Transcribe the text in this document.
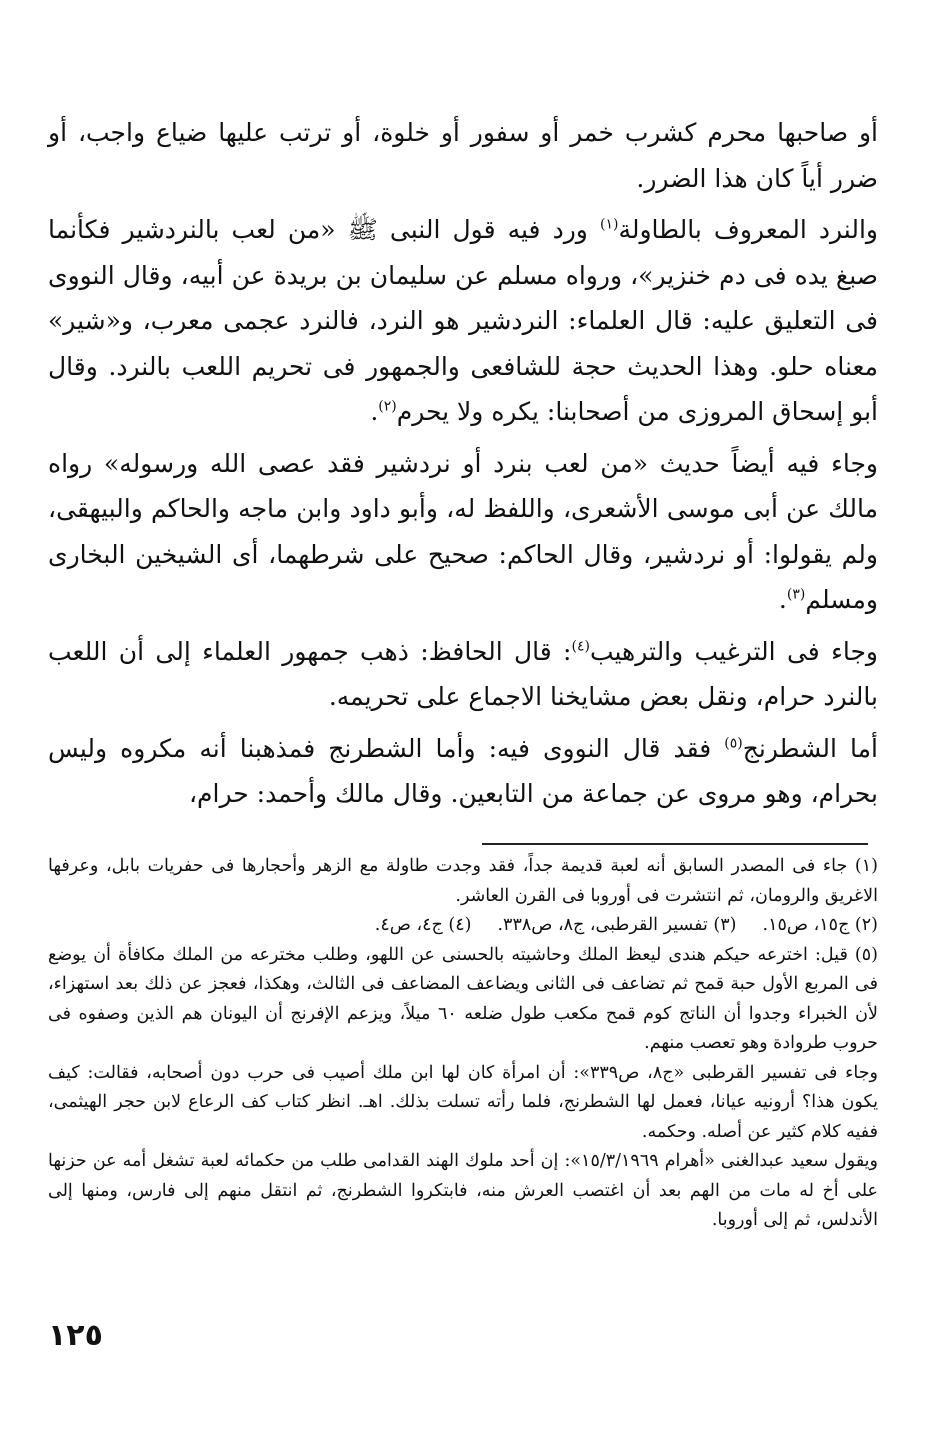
أو صاحبها محرم كشرب خمر أو سفور أو خلوة، أو ترتب عليها ضياع واجب، أو ضرر أياً كان هذا الضرر.

والنرد المعروف بالطاولة$^{(١)}$ ورد فيه قول النبى ﷺ «من لعب بالنردشير فكأنما صبغ يده فى دم خنزير»، ورواه مسلم عن سليمان بن بريدة عن أبيه، وقال النووى فى التعليق عليه: قال العلماء: النردشير هو النرد، فالنرد عجمى معرب، و«شير» معناه حلو. وهذا الحديث حجة للشافعى والجمهور فى تحريم اللعب بالنرد. وقال أبو إسحاق المروزى من أصحابنا: يكره ولا يحرم$^{(٢)}$.

وجاء فيه أيضاً حديث «من لعب بنرد أو نردشير فقد عصى الله ورسوله» رواه مالك عن أبى موسى الأشعرى، واللفظ له، وأبو داود وابن ماجه والحاكم والبيهقى، ولم يقولوا: أو نردشير، وقال الحاكم: صحيح على شرطهما، أى الشيخين البخارى ومسلم$^{(٣)}$.

وجاء فى الترغيب والترهيب$^{(٤)}$: قال الحافظ: ذهب جمهور العلماء إلى أن اللعب بالنرد حرام، ونقل بعض مشايخنا الاجماع على تحريمه.

أما الشطرنج$^{(٥)}$ فقد قال النووى فيه: وأما الشطرنج فمذهبنا أنه مكروه وليس بحرام، وهو مروى عن جماعة من التابعين. وقال مالك وأحمد: حرام،

(١) جاء فى المصدر السابق أنه لعبة قديمة جداً، فقد وجدت طاولة مع الزهر وأحجارها فى حفريات بابل، وعرفها الاغريق والرومان، ثم انتشرت فى أوروبا فى القرن العاشر.

(٢) ج١٥، ص١٥.
(٣) تفسير القرطبى، ج٨، ص٣٣٨.
(٤) ج٤، ص٤.

(٥) قيل: اخترعه حيكم هندى ليعظ الملك وحاشيته بالحسنى عن اللهو، وطلب مخترعه من الملك مكافأة أن يوضع فى المربع الأول حبة قمح ثم تضاعف فى الثانى ويضاعف المضاعف فى الثالث، وهكذا، فعجز عن ذلك بعد استهزاء، لأن الخبراء وجدوا أن الناتج كوم قمح مكعب طول ضلعه ٦٠ ميلاً، ويزعم الإفرنج أن اليونان هم الذين وصفوه فى حروب طروادة وهو تعصب منهم.

وجاء فى تفسير القرطبى «ج٨، ص٣٣٩»: أن امرأة كان لها ابن ملك أصيب فى حرب دون أصحابه، فقالت: كيف يكون هذا؟ أرونيه عيانا، فعمل لها الشطرنج، فلما رأته تسلت بذلك. اهـ. انظر كتاب كف الرعاع لابن حجر الهيثمى، ففيه كلام كثير عن أصله. وحكمه.

ويقول سعيد عبدالغنى «أهرام ١٥/٣/١٩٦٩»: إن أحد ملوك الهند القدامى طلب من حكمائه لعبة تشغل أمه عن حزنها على أخ له مات من الهم بعد أن اغتصب العرش منه، فابتكروا الشطرنج، ثم انتقل منهم إلى فارس، ومنها إلى الأندلس، ثم إلى أوروبا.

١٢٥
